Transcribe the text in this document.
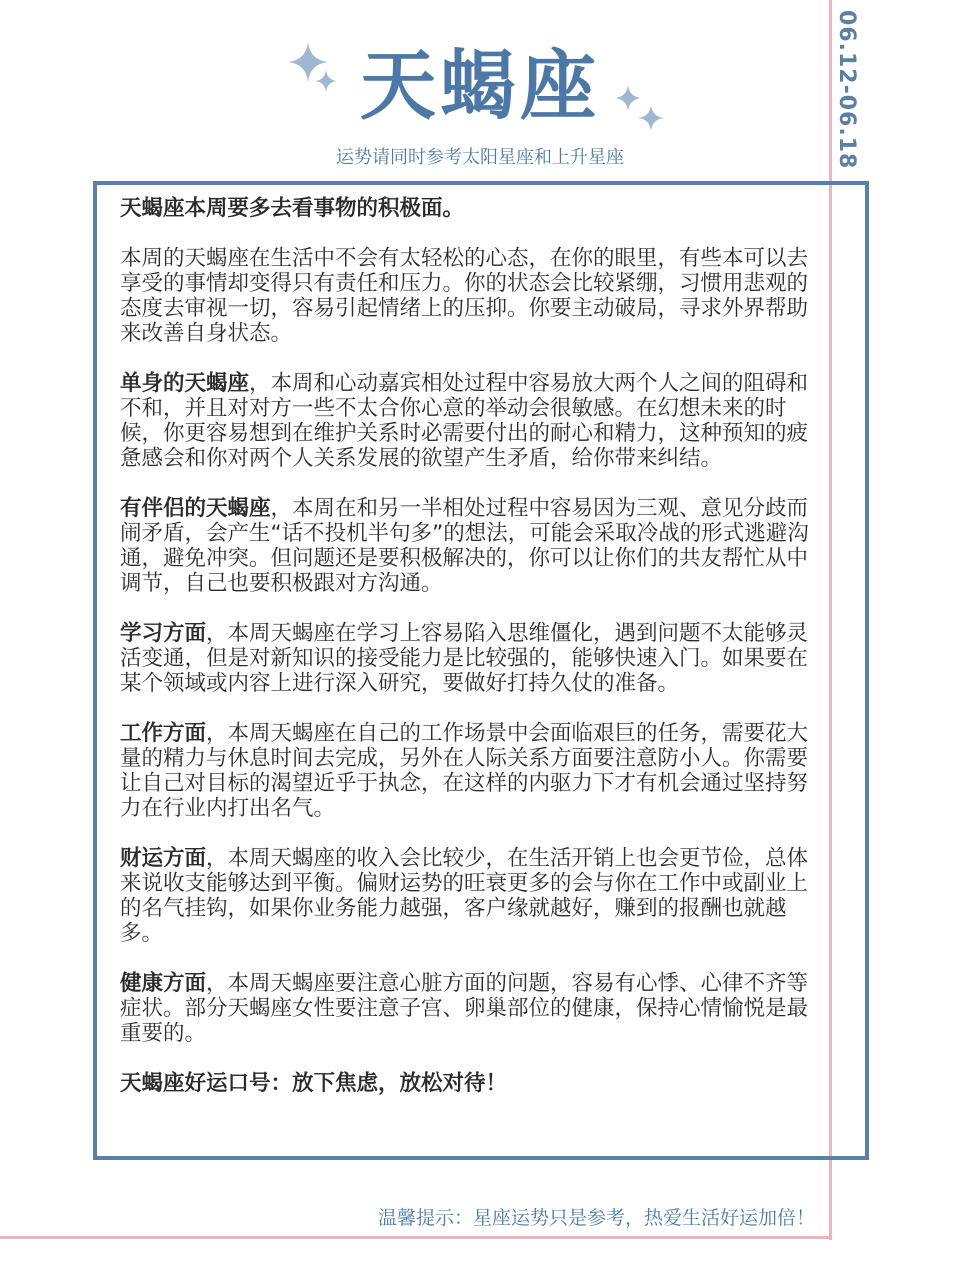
06.12-06.18
天蝎座
运势请同时参考太阳星座和上升星座

天蝎座本周要多去看事物的积极面。

本周的天蝎座在生活中不会有太轻松的心态，在你的眼里，有些本可以去享受的事情却变得只有责任和压力。你的状态会比较紧绷，习惯用悲观的态度去审视一切，容易引起情绪上的压抑。你要主动破局，寻求外界帮助来改善自身状态。

单身的天蝎座，本周和心动嘉宾相处过程中容易放大两个人之间的阻碍和不和，并且对对方一些不太合你心意的举动会很敏感。在幻想未来的时候，你更容易想到在维护关系时必需要付出的耐心和精力，这种预知的疲惫感会和你对两个人关系发展的欲望产生矛盾，给你带来纠结。

有伴侣的天蝎座，本周在和另一半相处过程中容易因为三观、意见分歧而闹矛盾，会产生“话不投机半句多”的想法，可能会采取冷战的形式逃避沟通，避免冲突。但问题还是要积极解决的，你可以让你们的共友帮忙从中调节，自己也要积极跟对方沟通。

学习方面，本周天蝎座在学习上容易陷入思维僵化，遇到问题不太能够灵活变通，但是对新知识的接受能力是比较强的，能够快速入门。如果要在某个领域或内容上进行深入研究，要做好打持久仗的准备。

工作方面，本周天蝎座在自己的工作场景中会面临艰巨的任务，需要花大量的精力与休息时间去完成，另外在人际关系方面要注意防小人。你需要让自己对目标的渴望近乎于执念，在这样的内驱力下才有机会通过坚持努力在行业内打出名气。

财运方面，本周天蝎座的收入会比较少，在生活开销上也会更节俭，总体来说收支能够达到平衡。偏财运势的旺衰更多的会与你在工作中或副业上的名气挂钩，如果你业务能力越强，客户缘就越好，赚到的报酬也就越多。

健康方面，本周天蝎座要注意心脏方面的问题，容易有心悸、心律不齐等症状。部分天蝎座女性要注意子宫、卵巢部位的健康，保持心情愉悦是最重要的。

天蝎座好运口号：放下焦虑，放松对待！

温馨提示：星座运势只是参考，热爱生活好运加倍！
